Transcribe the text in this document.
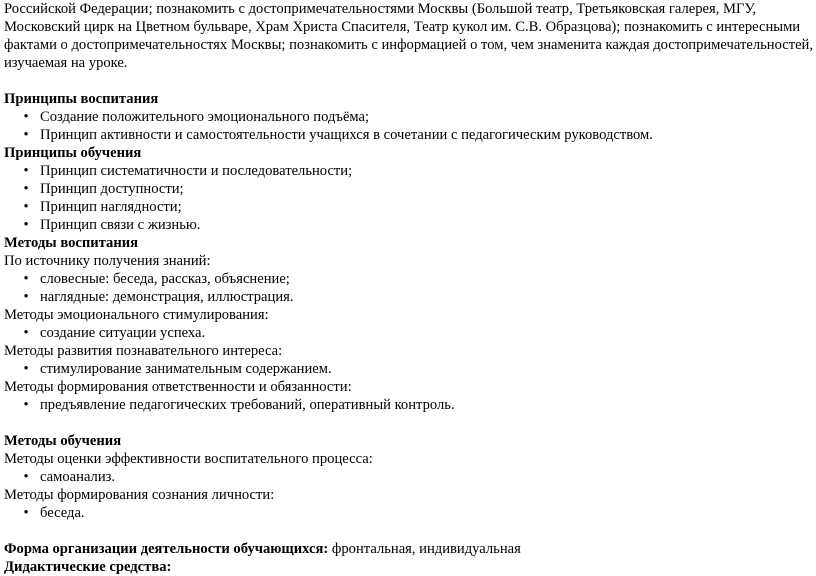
Российской Федерации; познакомить с достопримечательностями Москвы (Большой театр, Третьяковская галерея, МГУ,
Московский цирк на Цветном бульваре, Храм Христа Спасителя, Театр кукол им. С.В. Образцова); познакомить с интересными
фактами о достопримечательностях Москвы; познакомить с информацией о том, чем знаменита каждая достопримечательностей,
изучаемая на уроке.
Принципы воспитания
• Создание положительного эмоционального подъёма;
• Принцип активности и самостоятельности учащихся в сочетании с педагогическим руководством.
Принципы обучения
• Принцип систематичности и последовательности;
• Принцип доступности;
• Принцип наглядности;
• Принцип связи с жизнью.
Методы воспитания
По источнику получения знаний:
• словесные: беседа, рассказ, объяснение;
• наглядные: демонстрация, иллюстрация.
Методы эмоционального стимулирования:
• создание ситуации успеха.
Методы развития познавательного интереса:
• стимулирование занимательным содержанием.
Методы формирования ответственности и обязанности:
• предъявление педагогических требований, оперативный контроль.
Методы обучения
Методы оценки эффективности воспитательного процесса:
• самоанализ.
Методы формирования сознания личности:
• беседа.
Форма организации деятельности обучающихся: фронтальная, индивидуальная
Дидактические средства:
